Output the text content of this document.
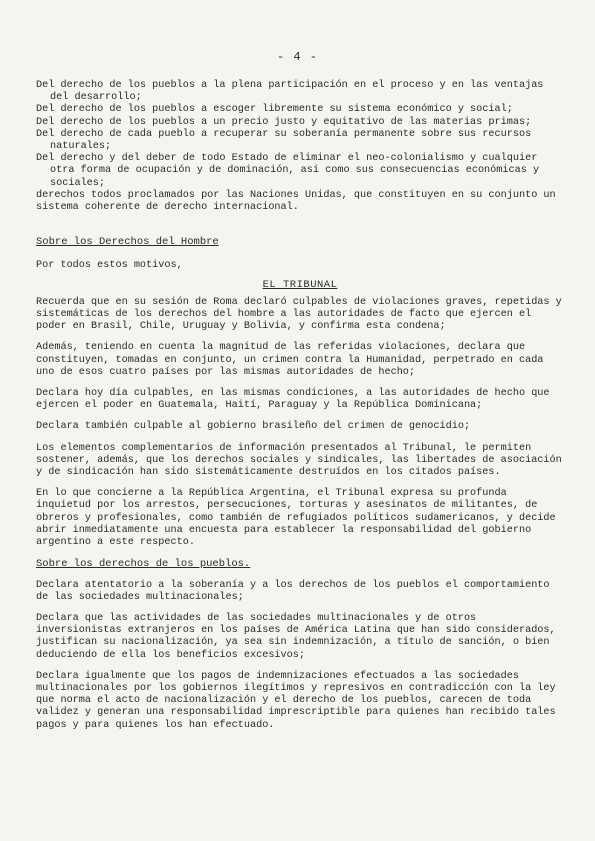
- 4 -

Del derecho de los pueblos a la plena participación en el proceso y en las ventajas del desarrollo;

Del derecho de los pueblos a escoger libremente su sistema económico y social;

Del derecho de los pueblos a un precio justo y equitativo de las materias primas;

Del derecho de cada pueblo a recuperar su soberanía permanente sobre sus recursos naturales;

Del derecho y del deber de todo Estado de eliminar el neo-colonialismo y cualquier otra forma de ocupación y de dominación, así como sus consecuencias económicas y sociales;

derechos todos proclamados por las Naciones Unidas, que constituyen en su conjunto un sistema coherente de derecho internacional.

Sobre los Derechos del Hombre

Por todos estos motivos,

EL TRIBUNAL

Recuerda que en su sesión de Roma declaró culpables de violaciones graves, repetidas y sistemáticas de los derechos del hombre a las autoridades de facto que ejercen el poder en Brasil, Chile, Uruguay y Bolivia, y confirma esta condena;

Además, teniendo en cuenta la magnitud de las referidas violaciones, declara que constituyen, tomadas en conjunto, un crimen contra la Humanidad, perpetrado en cada uno de esos cuatro países por las mismas autoridades de hecho;

Declara hoy día culpables, en las mismas condiciones, a las autoridades de hecho que ejercen el poder en Guatemala, Haití, Paraguay y la República Dominicana;

Declara también culpable al gobierno brasileño del crimen de genocidio;

Los elementos complementarios de información presentados al Tribunal, le permiten sostener, además, que los derechos sociales y sindicales, las libertades de asociación y de sindicación han sido sistemáticamente destruídos en los citados países.

En lo que concierne a la República Argentina, el Tribunal expresa su profunda inquietud por los arrestos, persecuciones, torturas y asesinatos de militantes, de obreros y profesionales, como también de refugiados políticos sudamericanos, y decide abrir inmediatamente una encuesta para establecer la responsabilidad del gobierno argentino a este respecto.

Sobre los derechos de los pueblos.

Declara atentatorio a la soberanía y a los derechos de los pueblos el comportamiento de las sociedades multinacionales;

Declara que las actividades de las sociedades multinacionales y de otros inversionistas extranjeros en los países de América Latina que han sido considerados, justifican su nacionalización, ya sea sin indemnización, a título de sanción, o bien deduciendo de ella los beneficios excesivos;

Declara igualmente que los pagos de indemnizaciones efectuados a las sociedades multinacionales por los gobiernos ilegítimos y represivos en contradicción con la ley que norma el acto de nacionalización y el derecho de los pueblos, carecen de toda validez y generan una responsabilidad imprescriptible para quienes han recibido tales pagos y para quienes los han efectuado.
